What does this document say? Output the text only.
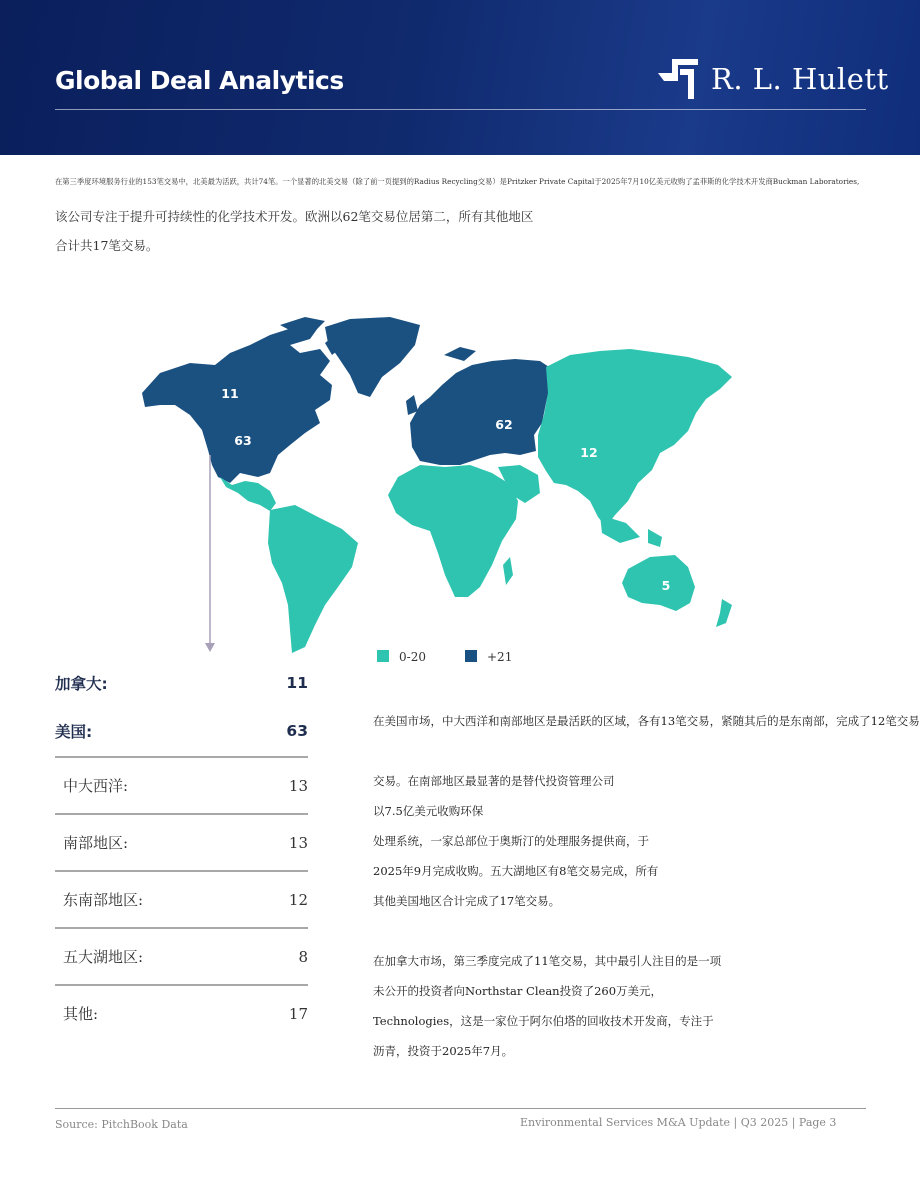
Global Deal Analytics	R. L. Hulett
在第三季度环境服务行业的153笔交易中，北美最为活跃，共计74笔。一个显著的北美交易（除了前一页提到的Radius Recycling交易）是Pritzker Private Capital于2025年7月10亿美元收购了孟菲斯的化学技术开发商Buckman Laboratories,
该公司专注于提升可持续性的化学技术开发。欧洲以62笔交易位居第二，所有其他地区
合计共17笔交易。
11
63
62
12
5
0-20	+21
加拿大:	11
美国:	63
中大西洋:	13
南部地区:	13
东南部地区:	12
五大湖地区:	8
其他:	17
在美国市场，中大西洋和南部地区是最活跃的区域，各有13笔交易，紧随其后的是东南部，完成了12笔交易
交易。在南部地区最显著的是替代投资管理公司
以7.5亿美元收购环保
处理系统，一家总部位于奥斯汀的处理服务提供商，于
2025年9月完成收购。五大湖地区有8笔交易完成，所有
其他美国地区合计完成了17笔交易。
在加拿大市场，第三季度完成了11笔交易，其中最引人注目的是一项
未公开的投资者向Northstar Clean投资了260万美元，
Technologies，这是一家位于阿尔伯塔的回收技术开发商，专注于
沥青，投资于2025年7月。
Source: PitchBook Data	Environmental Services M&A Update | Q3 2025 | Page 3
